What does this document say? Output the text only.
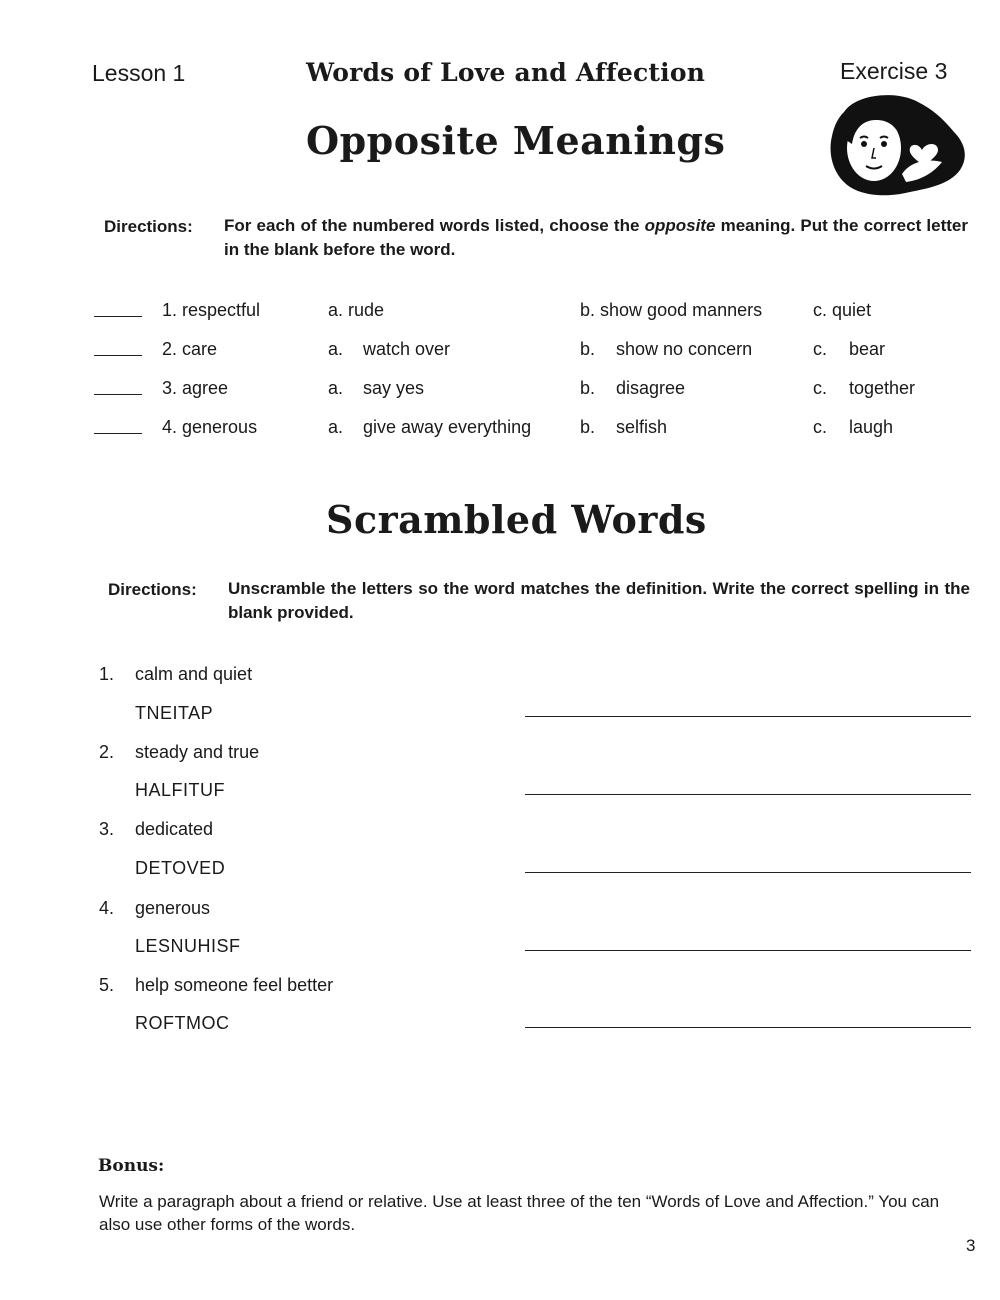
Lesson 1	Words of Love and Affection	Exercise 3
Opposite Meanings
Directions: For each of the numbered words listed, choose the opposite meaning. Put the correct letter in the blank before the word.
1. respectful	a. rude	b. show good manners	c. quiet
2. care	a. watch over	b. show no concern	c. bear
3. agree	a. say yes	b. disagree	c. together
4. generous	a. give away everything	b. selfish	c. laugh
Scrambled Words
Directions: Unscramble the letters so the word matches the definition. Write the correct spelling in the blank provided.
1. calm and quiet
TNEITAP
2. steady and true
HALFITUF
3. dedicated
DETOVED
4. generous
LESNUHISF
5. help someone feel better
ROFTMOC
Bonus:
Write a paragraph about a friend or relative. Use at least three of the ten “Words of Love and Affection.” You can also use other forms of the words.
3
